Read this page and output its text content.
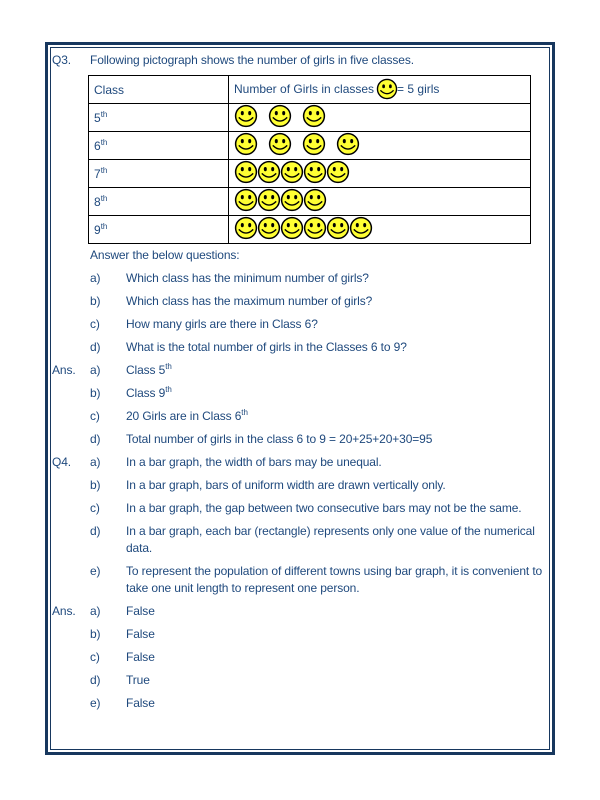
Q3.	Following pictograph shows the number of girls in five classes.
Class	Number of Girls in classes = 5 girls
5th	

6th	

7th	

8th	

9th	
Answer the below questions:
a)	Which class has the minimum number of girls?
b)	Which class has the maximum number of girls?
c)	How many girls are there in Class 6?
d)	What is the total number of girls in the Classes 6 to 9?
Ans.	a)	Class 5th
b)	Class 9th
c)	20 Girls are in Class 6th
d)	Total number of girls in the class 6 to 9 = 20+25+20+30=95
Q4.	a)	In a bar graph, the width of bars may be unequal.
b)	In a bar graph, bars of uniform width are drawn vertically only.
c)	In a bar graph, the gap between two consecutive bars may not be the same.
d)	In a bar graph, each bar (rectangle) represents only one value of the numerical data.
e)	To represent the population of different towns using bar graph, it is convenient to take one unit length to represent one person.
Ans.	a)	False
b)	False
c)	False
d)	True
e)	False
